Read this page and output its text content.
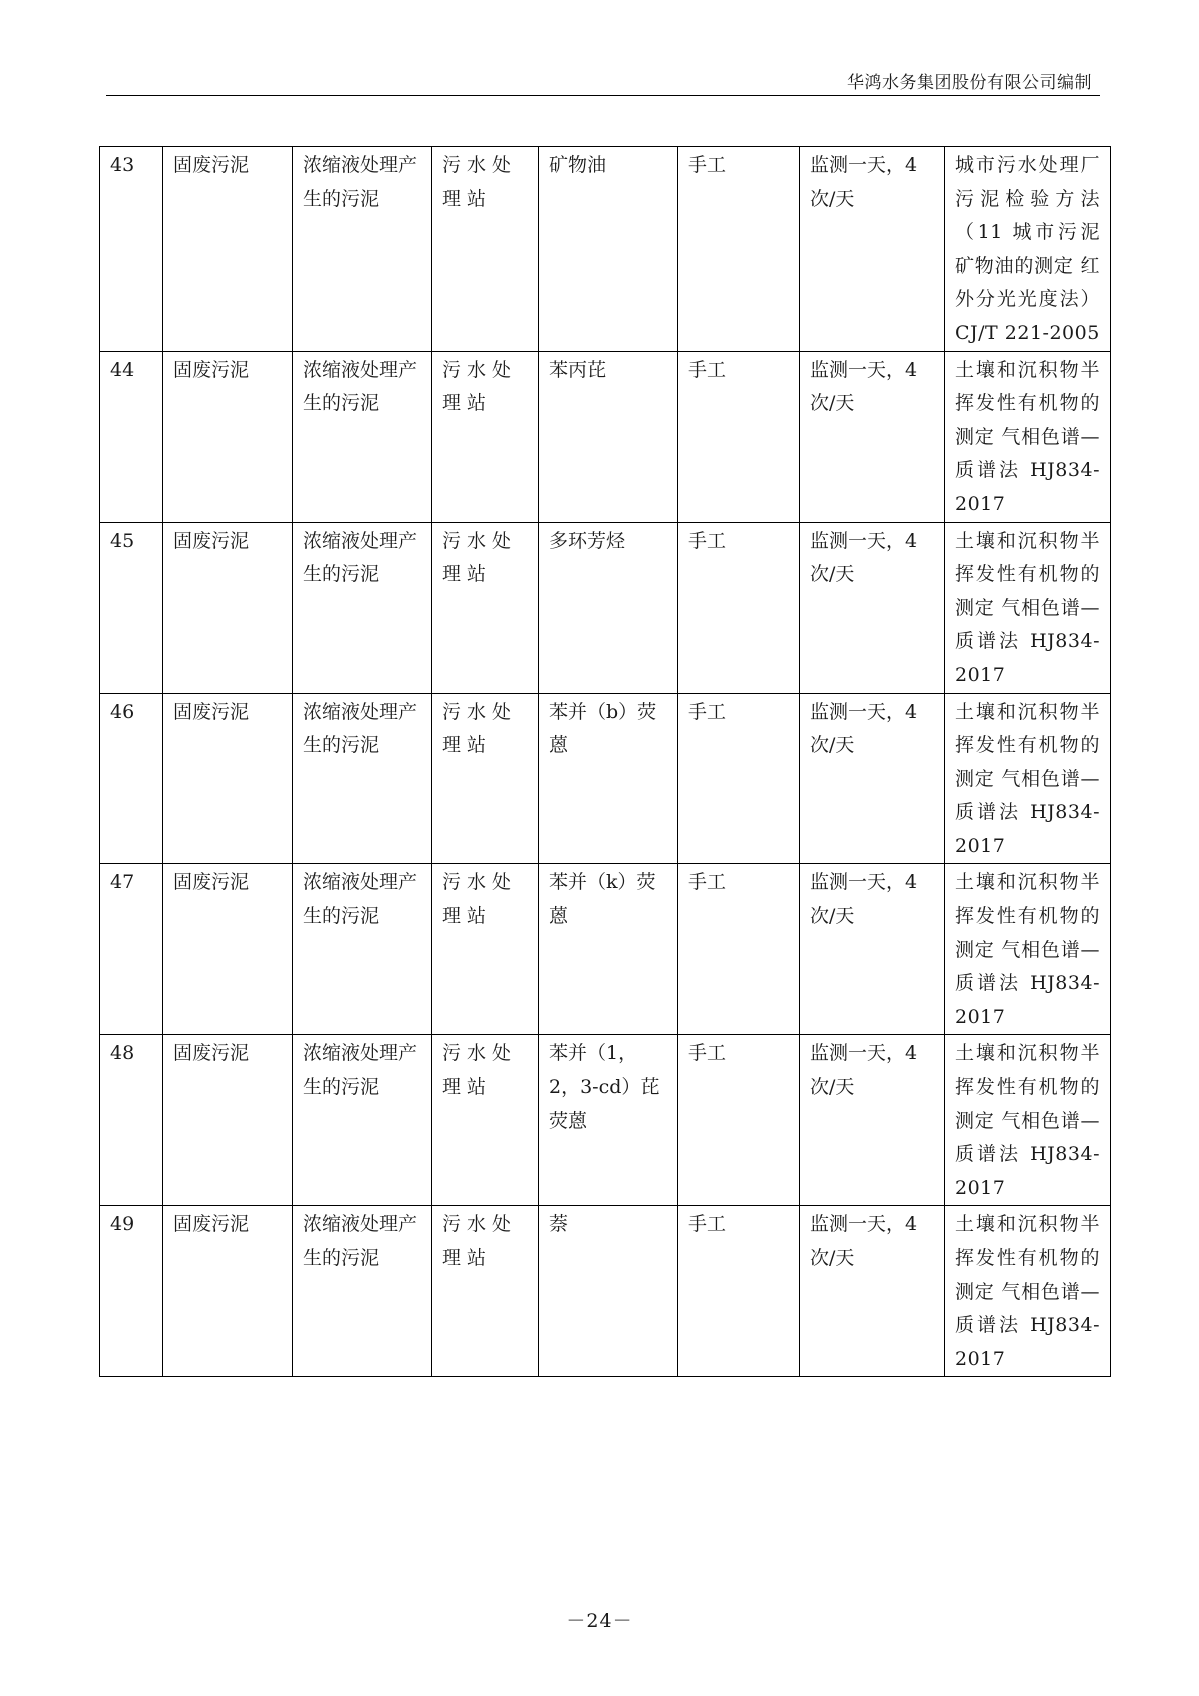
华鸿水务集团股份有限公司编制
43	固废污泥	浓缩液处理产生的污泥	污水处理站	矿物油	手工	监测一天，4次/天	城市污水处理厂污泥检验方法（11 城市污泥 矿物油的测定 红外分光光度法）CJ/T 221-2005
44	固废污泥	浓缩液处理产生的污泥	污水处理站	苯丙芘	手工	监测一天，4次/天	土壤和沉积物半挥发性有机物的测定 气相色谱—质谱法 HJ834-2017
45	固废污泥	浓缩液处理产生的污泥	污水处理站	多环芳烃	手工	监测一天，4次/天	土壤和沉积物半挥发性有机物的测定 气相色谱—质谱法 HJ834-2017
46	固废污泥	浓缩液处理产生的污泥	污水处理站	苯并（b）荧蒽	手工	监测一天，4次/天	土壤和沉积物半挥发性有机物的测定 气相色谱—质谱法 HJ834-2017
47	固废污泥	浓缩液处理产生的污泥	污水处理站	苯并（k）荧蒽	手工	监测一天，4次/天	土壤和沉积物半挥发性有机物的测定 气相色谱—质谱法 HJ834-2017
48	固废污泥	浓缩液处理产生的污泥	污水处理站	苯并（1，2，3-cd）芘荧蒽	手工	监测一天，4次/天	土壤和沉积物半挥发性有机物的测定 气相色谱—质谱法 HJ834-2017
49	固废污泥	浓缩液处理产生的污泥	污水处理站	萘	手工	监测一天，4次/天	土壤和沉积物半挥发性有机物的测定 气相色谱—质谱法 HJ834-2017
－24－
